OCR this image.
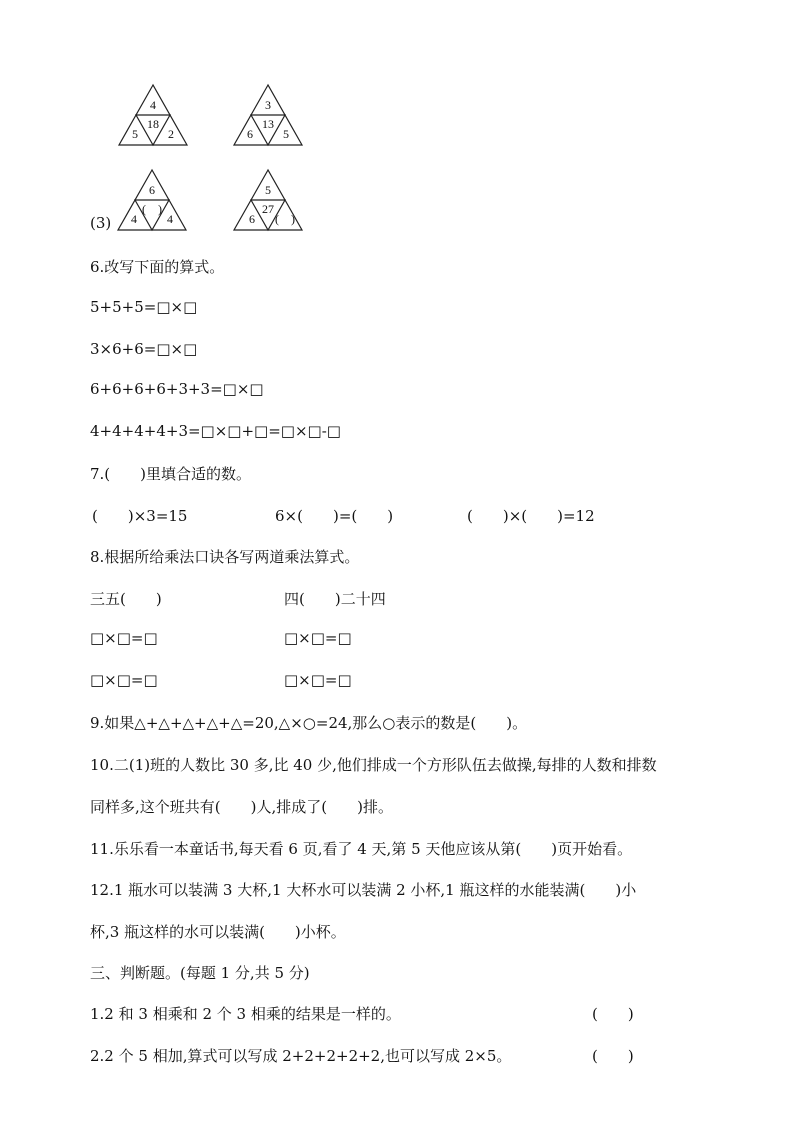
4
18
5	2
3
13
6	5
6
(　)
4	4
5
27
6 (　)
(3)
6.改写下面的算式。
5+5+5=□×□
3×6+6=□×□
6+6+6+6+3+3=□×□
4+4+4+4+3=□×□+□=□×□-□
7.(　　)里填合适的数。
(　　)×3=15	6×(　　)=(　　)	(　　)×(　　)=12
8.根据所给乘法口诀各写两道乘法算式。
三五(　　)	四(　　)二十四
□×□=□	□×□=□
□×□=□	□×□=□
9.如果△+△+△+△+△=20,△×○=24,那么○表示的数是(　　)。
10.二(1)班的人数比 30 多,比 40 少,他们排成一个方形队伍去做操,每排的人数和排数
同样多,这个班共有(　　)人,排成了(　　)排。
11.乐乐看一本童话书,每天看 6 页,看了 4 天,第 5 天他应该从第(　　)页开始看。
12.1 瓶水可以装满 3 大杯,1 大杯水可以装满 2 小杯,1 瓶这样的水能装满(　　)小
杯,3 瓶这样的水可以装满(　　)小杯。
三、判断题。(每题 1 分,共 5 分)
1.2 和 3 相乘和 2 个 3 相乘的结果是一样的。	(　　)
2.2 个 5 相加,算式可以写成 2+2+2+2+2,也可以写成 2×5。	(　　)
